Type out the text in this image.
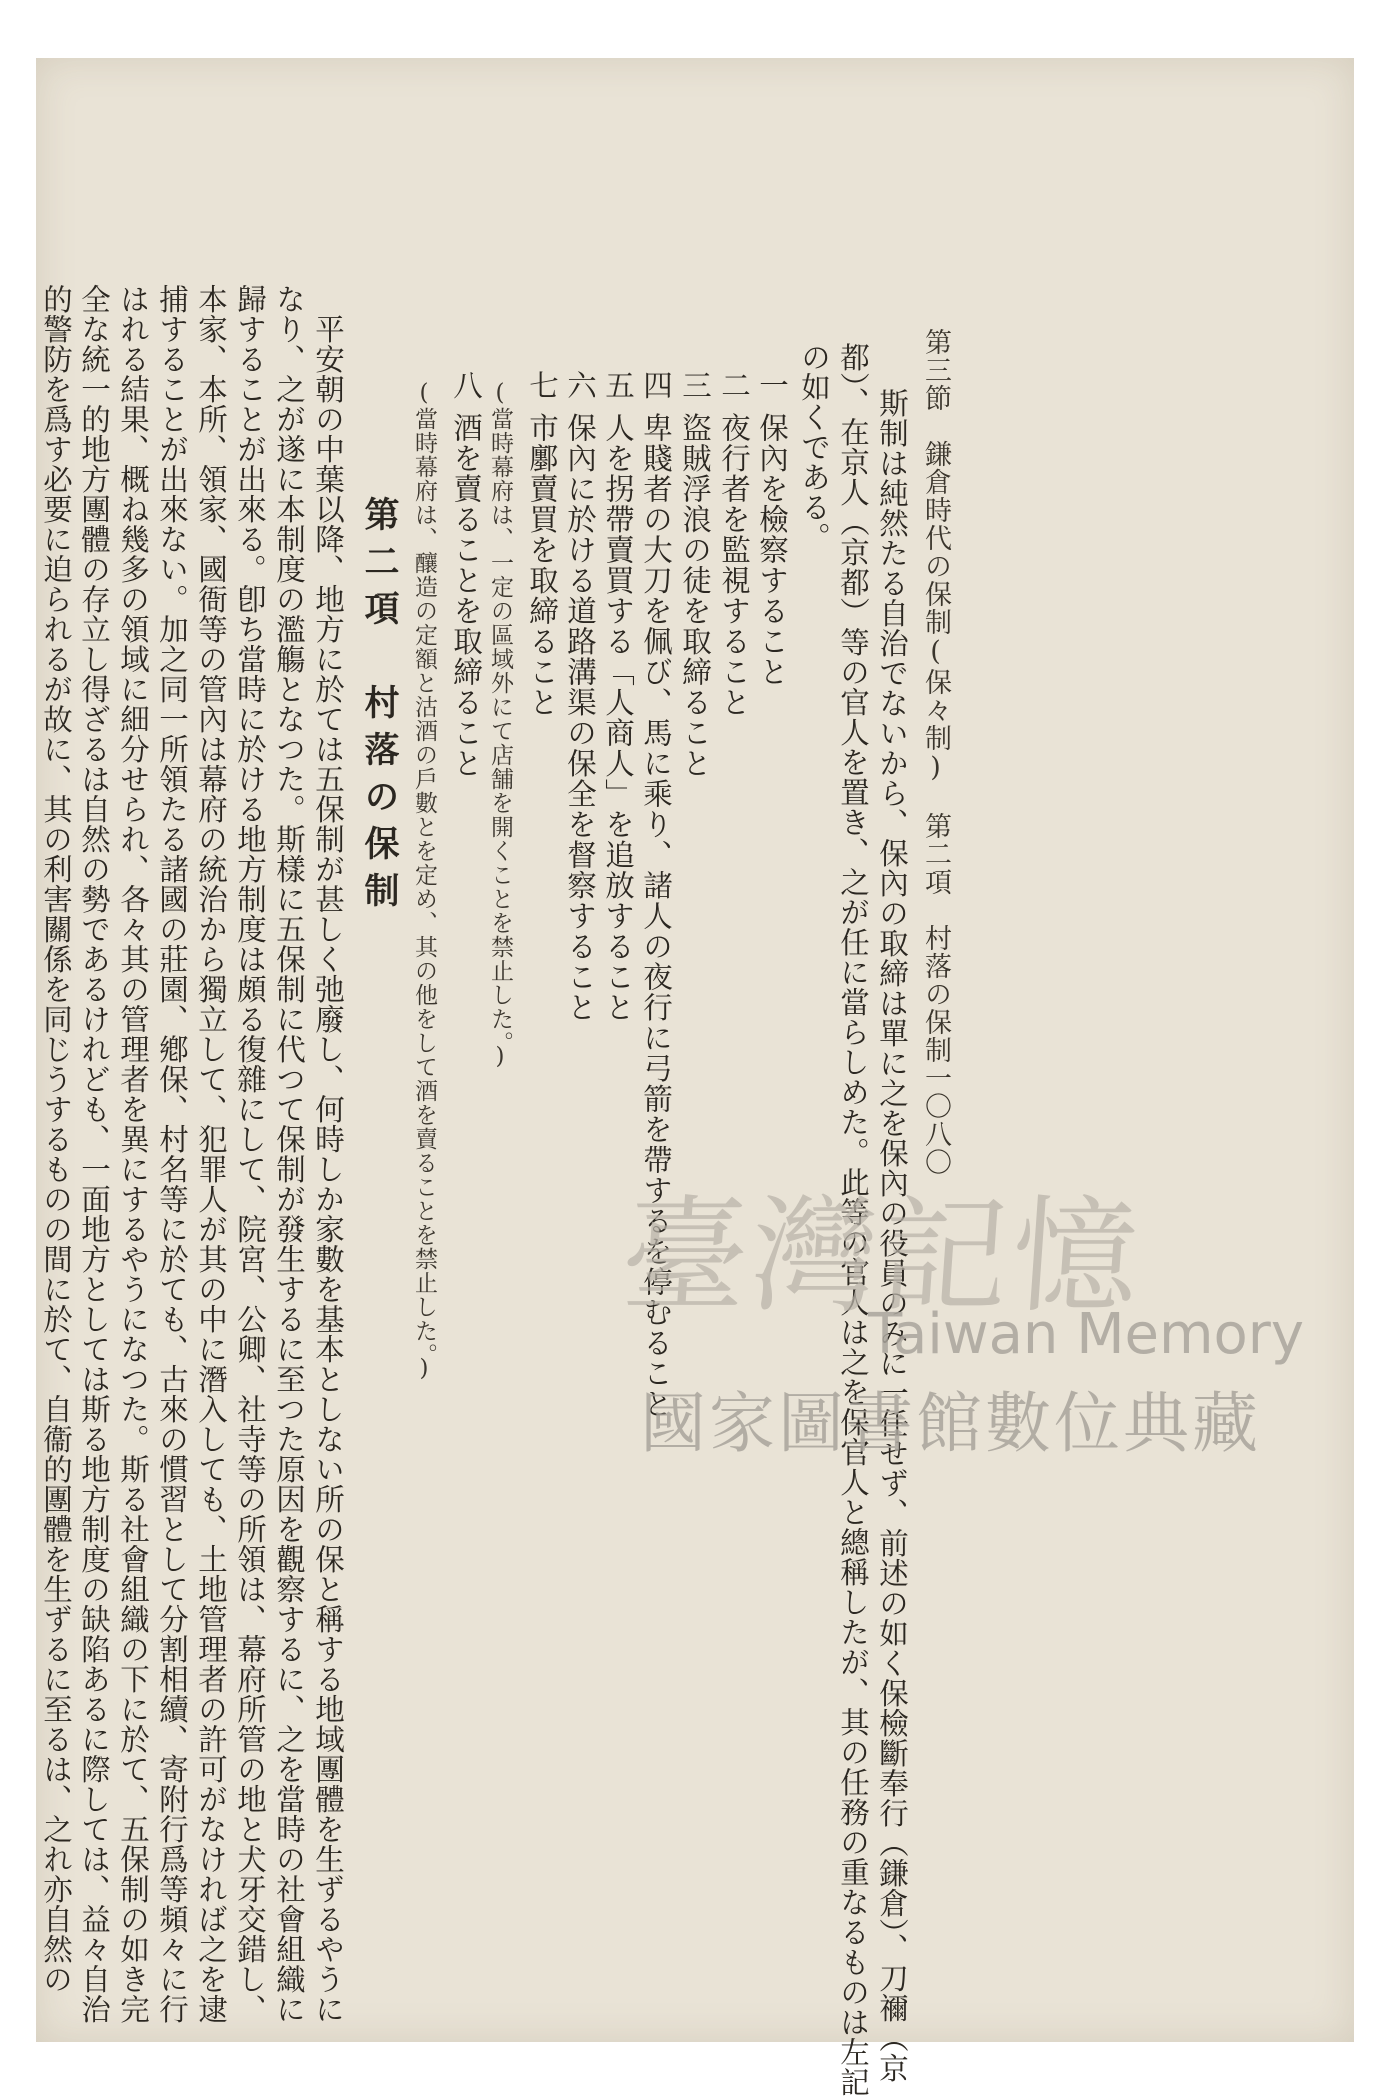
第三節　鎌倉時代の保制(保々制)　第二項　村落の保制
一〇八〇
斯制は純然たる自治でないから、保內の取締は單に之を保內の役員のみに一任せず、前述の如く保檢斷奉行（鎌倉）、刀禰（京
都）、在京人（京都）等の官人を置き、之が任に當らしめた。此等の官人は之を保官人と總稱したが、其の任務の重なるものは左記
の如くである。
一保內を檢察すること
二夜行者を監視すること
三盜賊浮浪の徒を取締ること
四卑賤者の大刀を佩び、馬に乘り、諸人の夜行に弓箭を帶するを停むること
五人を拐帶賣買する「人商人」を追放すること
六保內に於ける道路溝渠の保全を督察すること
七市鄽賣買を取締ること
(當時幕府は、一定の區域外にて店舗を開くことを禁止した。)
八酒を賣ることを取締ること
(當時幕府は、釀造の定額と沽酒の戶數とを定め、其の他をして酒を賣ることを禁止した。)
第二項　村落の保制
平安朝の中葉以降、地方に於ては五保制が甚しく弛廢し、何時しか家數を基本としない所の保と稱する地域團體を生ずるやうに
なり、之が遂に本制度の濫觴となつた。斯樣に五保制に代つて保制が發生するに至つた原因を觀察するに、之を當時の社會組織に
歸することが出來る。卽ち當時に於ける地方制度は頗る復雜にして、院宮、公卿、社寺等の所領は、幕府所管の地と犬牙交錯し、
本家、本所、領家、國衙等の管內は幕府の統治から獨立して、犯罪人が其の中に潛入しても、土地管理者の許可がなければ之を逮
捕することが出來ない。加之同一所領たる諸國の莊園、鄕保、村名等に於ても、古來の慣習として分割相續、寄附行爲等頻々に行
はれる結果、概ね幾多の領域に細分せられ、各々其の管理者を異にするやうになつた。斯る社會組織の下に於て、五保制の如き完
全な統一的地方團體の存立し得ざるは自然の勢であるけれども、一面地方としては斯る地方制度の缺陷あるに際しては、益々自治
的警防を爲す必要に迫られるが故に、其の利害關係を同じうするものの間に於て、自衞的團體を生ずるに至るは、之れ亦自然の	臺灣記憶
Taiwan Memory
國家圖書館數位典藏
